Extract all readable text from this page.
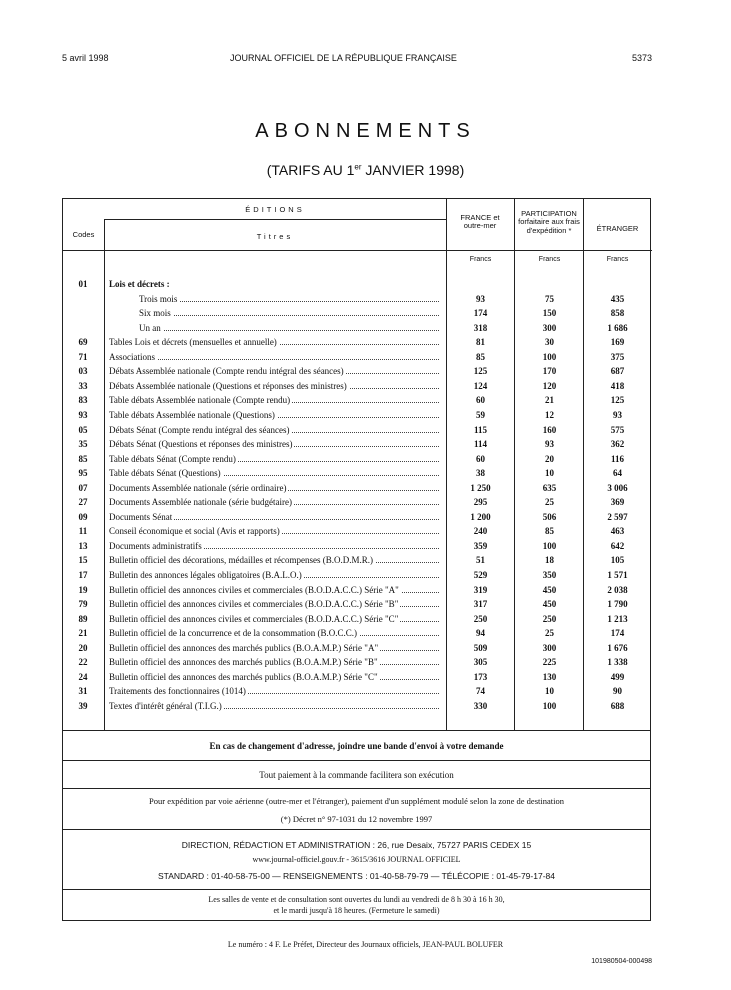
5 avril 1998	JOURNAL OFFICIEL DE LA RÉPUBLIQUE FRANÇAISE	5373
ABONNEMENTS
(TARIFS AU 1er JANVIER 1998)
ÉDITIONS
Codes	Titres
FRANCE et outre-mer
PARTICIPATION forfaitaire aux frais d'expédition *	ÉTRANGER
Francs	Francs	Francs
01	Lois et décrets :
Trois mois	93	75	435
Six mois	174	150	858
Un an	318	300	1 686
69	Tables Lois et décrets (mensuelles et annuelle)	81	30	169
71	Associations	85	100	375
03	Débats Assemblée nationale (Compte rendu intégral des séances)	125	170	687
33	Débats Assemblée nationale (Questions et réponses des ministres)	124	120	418
83	Table débats Assemblée nationale (Compte rendu)	60	21	125
93	Table débats Assemblée nationale (Questions)	59	12	93
05	Débats Sénat (Compte rendu intégral des séances)	115	160	575
35	Débats Sénat (Questions et réponses des ministres)	114	93	362
85	Table débats Sénat (Compte rendu)	60	20	116
95	Table débats Sénat (Questions)	38	10	64
07	Documents Assemblée nationale (série ordinaire)	1 250	635	3 006
27	Documents Assemblée nationale (série budgétaire)	295	25	369
09	Documents Sénat	1 200	506	2 597
11	Conseil économique et social (Avis et rapports)	240	85	463
13	Documents administratifs	359	100	642
15	Bulletin officiel des décorations, médailles et récompenses (B.O.D.M.R.)	51	18	105
17	Bulletin des annonces légales obligatoires (B.A.L.O.)	529	350	1 571
19	Bulletin officiel des annonces civiles et commerciales (B.O.D.A.C.C.) Série "A"	319	450	2 038
79	Bulletin officiel des annonces civiles et commerciales (B.O.D.A.C.C.) Série "B"	317	450	1 790
89	Bulletin officiel des annonces civiles et commerciales (B.O.D.A.C.C.) Série "C"	250	250	1 213
21	Bulletin officiel de la concurrence et de la consommation (B.O.C.C.)	94	25	174
20	Bulletin officiel des annonces des marchés publics (B.O.A.M.P.) Série "A"	509	300	1 676
22	Bulletin officiel des annonces des marchés publics (B.O.A.M.P.) Série "B"	305	225	1 338
24	Bulletin officiel des annonces des marchés publics (B.O.A.M.P.) Série "C"	173	130	499
31	Traitements des fonctionnaires (1014)	74	10	90
39	Textes d'intérêt général (T.I.G.)	330	100	688
En cas de changement d'adresse, joindre une bande d'envoi à votre demande
Tout paiement à la commande facilitera son exécution
Pour expédition par voie aérienne (outre-mer et l'étranger), paiement d'un supplément modulé selon la zone de destination
(*) Décret n° 97-1031 du 12 novembre 1997
DIRECTION, RÉDACTION ET ADMINISTRATION : 26, rue Desaix, 75727 PARIS CEDEX 15
www.journal-officiel.gouv.fr - 3615/3616 JOURNAL OFFICIEL
STANDARD : 01-40-58-75-00 — RENSEIGNEMENTS : 01-40-58-79-79 — TÉLÉCOPIE : 01-45-79-17-84
Les salles de vente et de consultation sont ouvertes du lundi au vendredi de 8 h 30 à 16 h 30,
et le mardi jusqu'à 18 heures. (Fermeture le samedi)
Le numéro : 4 F. Le Préfet, Directeur des Journaux officiels, JEAN-PAUL BOLUFER
101980504-000498
